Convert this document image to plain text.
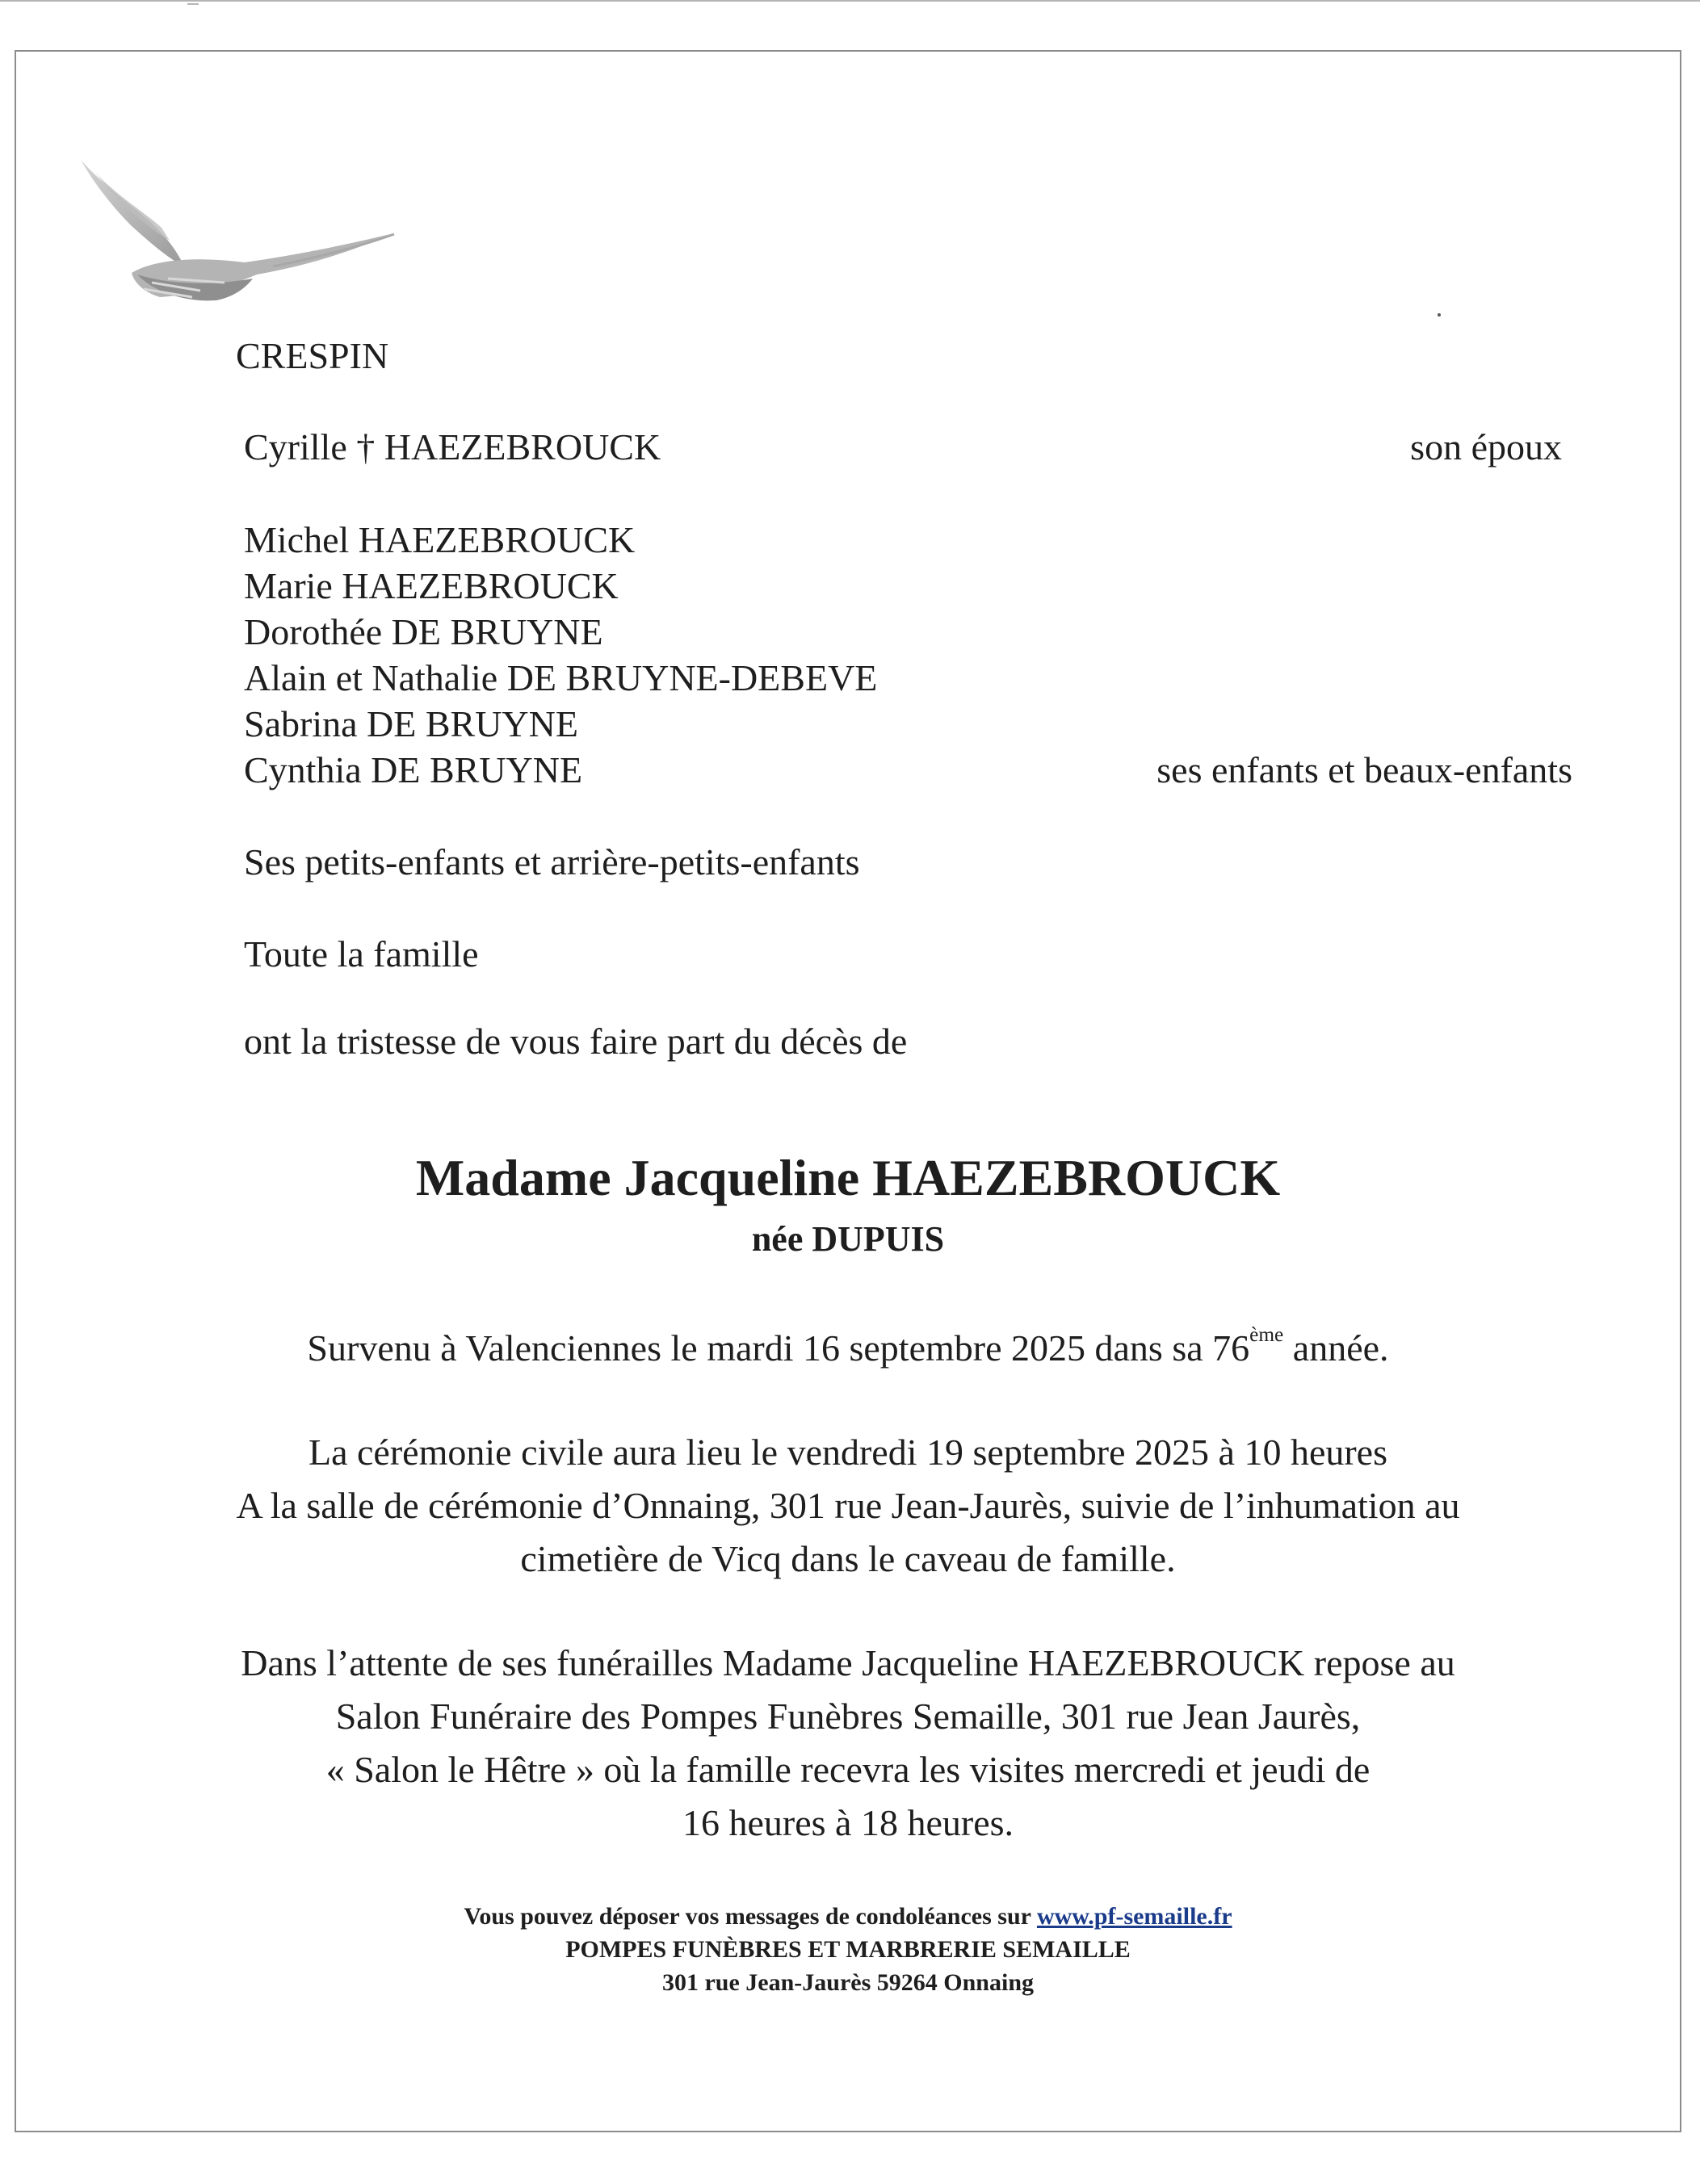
CRESPIN
Cyrille † HAEZEBROUCK	son époux
Michel HAEZEBROUCK
Marie HAEZEBROUCK
Dorothée DE BRUYNE
Alain et Nathalie DE BRUYNE-DEBEVE
Sabrina DE BRUYNE
Cynthia DE BRUYNE	ses enfants et beaux-enfants
Ses petits-enfants et arrière-petits-enfants
Toute la famille
ont la tristesse de vous faire part du décès de
Madame Jacqueline HAEZEBROUCK
née DUPUIS
Survenu à Valenciennes le mardi 16 septembre 2025 dans sa 76ème année.
La cérémonie civile aura lieu le vendredi 19 septembre 2025 à 10 heures
A la salle de cérémonie d’Onnaing, 301 rue Jean-Jaurès, suivie de l’inhumation au
cimetière de Vicq dans le caveau de famille.
Dans l’attente de ses funérailles Madame Jacqueline HAEZEBROUCK repose au
Salon Funéraire des Pompes Funèbres Semaille, 301 rue Jean Jaurès,
« Salon le Hêtre » où la famille recevra les visites mercredi et jeudi de
16 heures à 18 heures.
Vous pouvez déposer vos messages de condoléances sur www.pf-semaille.fr
POMPES FUNÈBRES ET MARBRERIE SEMAILLE
301 rue Jean-Jaurès 59264 Onnaing
